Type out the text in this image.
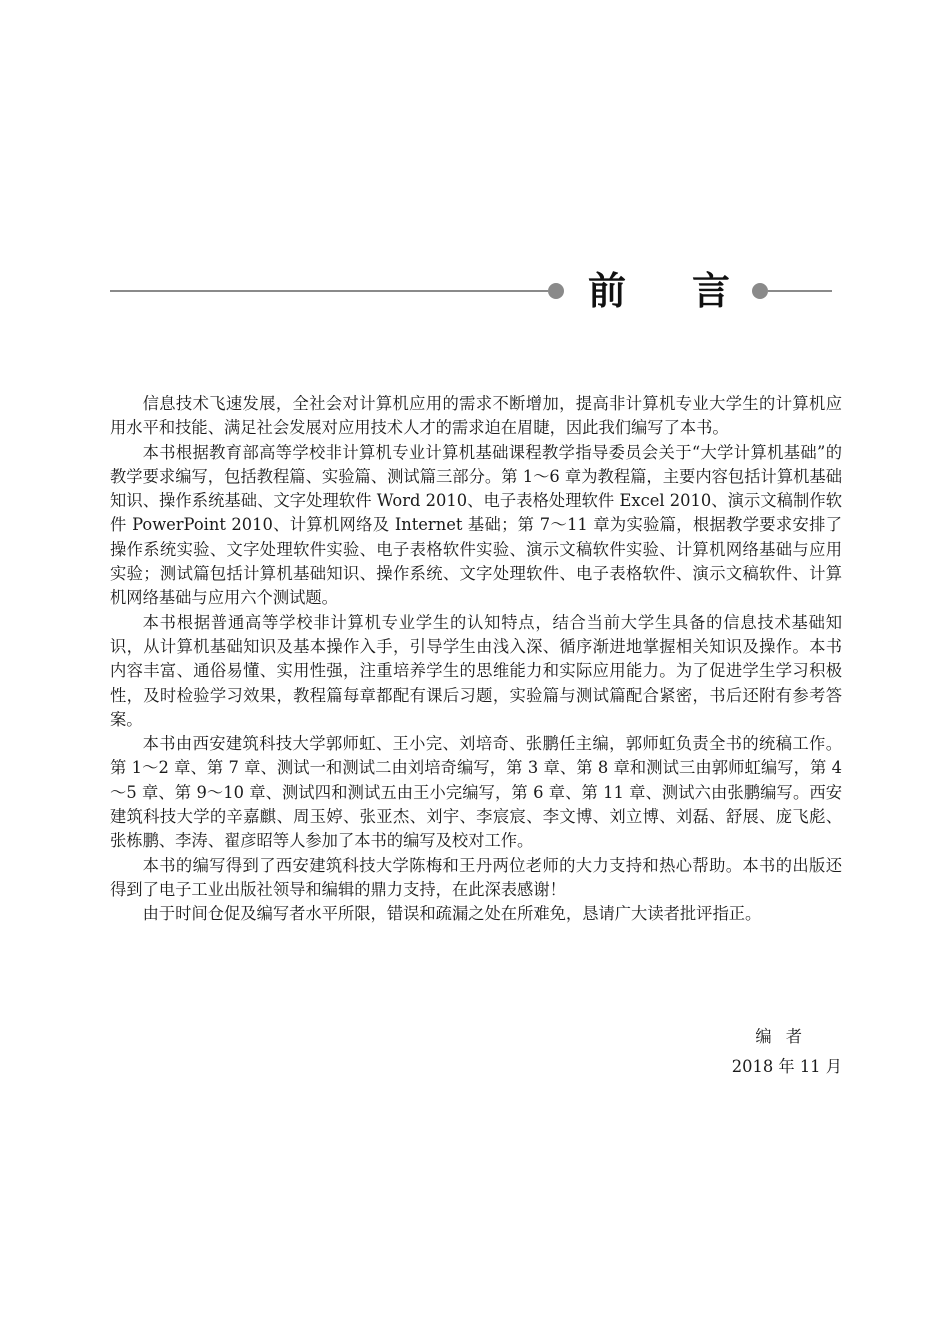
前 言

信息技术飞速发展，全社会对计算机应用的需求不断增加，提高非计算机专业大学生的计算机应用水平和技能、满足社会发展对应用技术人才的需求迫在眉睫，因此我们编写了本书。

本书根据教育部高等学校非计算机专业计算机基础课程教学指导委员会关于“大学计算机基础”的教学要求编写，包括教程篇、实验篇、测试篇三部分。第 1～6 章为教程篇，主要内容包括计算机基础知识、操作系统基础、文字处理软件 Word 2010、电子表格处理软件 Excel 2010、演示文稿制作软件 PowerPoint 2010、计算机网络及 Internet 基础；第 7～11 章为实验篇，根据教学要求安排了操作系统实验、文字处理软件实验、电子表格软件实验、演示文稿软件实验、计算机网络基础与应用实验；测试篇包括计算机基础知识、操作系统、文字处理软件、电子表格软件、演示文稿软件、计算机网络基础与应用六个测试题。

本书根据普通高等学校非计算机专业学生的认知特点，结合当前大学生具备的信息技术基础知识，从计算机基础知识及基本操作入手，引导学生由浅入深、循序渐进地掌握相关知识及操作。本书内容丰富、通俗易懂、实用性强，注重培养学生的思维能力和实际应用能力。为了促进学生学习积极性，及时检验学习效果，教程篇每章都配有课后习题，实验篇与测试篇配合紧密，书后还附有参考答案。

本书由西安建筑科技大学郭师虹、王小完、刘培奇、张鹏任主编，郭师虹负责全书的统稿工作。第 1～2 章、第 7 章、测试一和测试二由刘培奇编写，第 3 章、第 8 章和测试三由郭师虹编写，第 4～5 章、第 9～10 章、测试四和测试五由王小完编写，第 6 章、第 11 章、测试六由张鹏编写。西安建筑科技大学的辛嘉麒、周玉婷、张亚杰、刘宇、李宸宸、李文博、刘立博、刘磊、舒展、庞飞彪、张栋鹏、李涛、翟彦昭等人参加了本书的编写及校对工作。

本书的编写得到了西安建筑科技大学陈梅和王丹两位老师的大力支持和热心帮助。本书的出版还得到了电子工业出版社领导和编辑的鼎力支持，在此深表感谢！

由于时间仓促及编写者水平所限，错误和疏漏之处在所难免，恳请广大读者批评指正。

编者
2018 年 11 月
